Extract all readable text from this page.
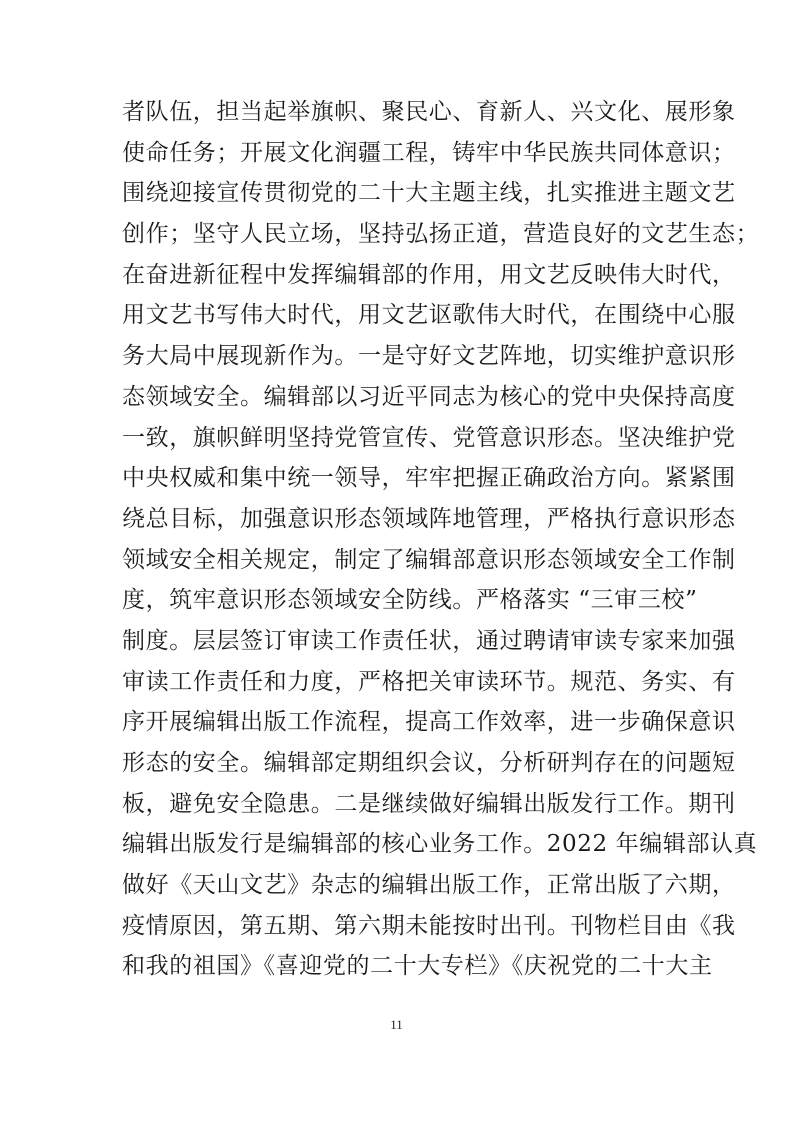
者队伍，担当起举旗帜、聚民心、育新人、兴文化、展形象
使命任务；开展文化润疆工程，铸牢中华民族共同体意识；
围绕迎接宣传贯彻党的二十大主题主线，扎实推进主题文艺
创作；坚守人民立场，坚持弘扬正道，营造良好的文艺生态；
在奋进新征程中发挥编辑部的作用，用文艺反映伟大时代，
用文艺书写伟大时代，用文艺讴歌伟大时代，在围绕中心服
务大局中展现新作为。一是守好文艺阵地，切实维护意识形
态领域安全。编辑部以习近平同志为核心的党中央保持高度
一致，旗帜鲜明坚持党管宣传、党管意识形态。坚决维护党
中央权威和集中统一领导，牢牢把握正确政治方向。紧紧围
绕总目标，加强意识形态领域阵地管理，严格执行意识形态
领域安全相关规定，制定了编辑部意识形态领域安全工作制
度，筑牢意识形态领域安全防线。严格落实 “三审三校”
制度。层层签订审读工作责任状，通过聘请审读专家来加强
审读工作责任和力度，严格把关审读环节。规范、务实、有
序开展编辑出版工作流程，提高工作效率，进一步确保意识
形态的安全。编辑部定期组织会议，分析研判存在的问题短
板，避免安全隐患。二是继续做好编辑出版发行工作。期刊
编辑出版发行是编辑部的核心业务工作。2022 年编辑部认真
做好《天山文艺》杂志的编辑出版工作，正常出版了六期，
疫情原因，第五期、第六期未能按时出刊。刊物栏目由《我
和我的祖国》《喜迎党的二十大专栏》《庆祝党的二十大主
11
